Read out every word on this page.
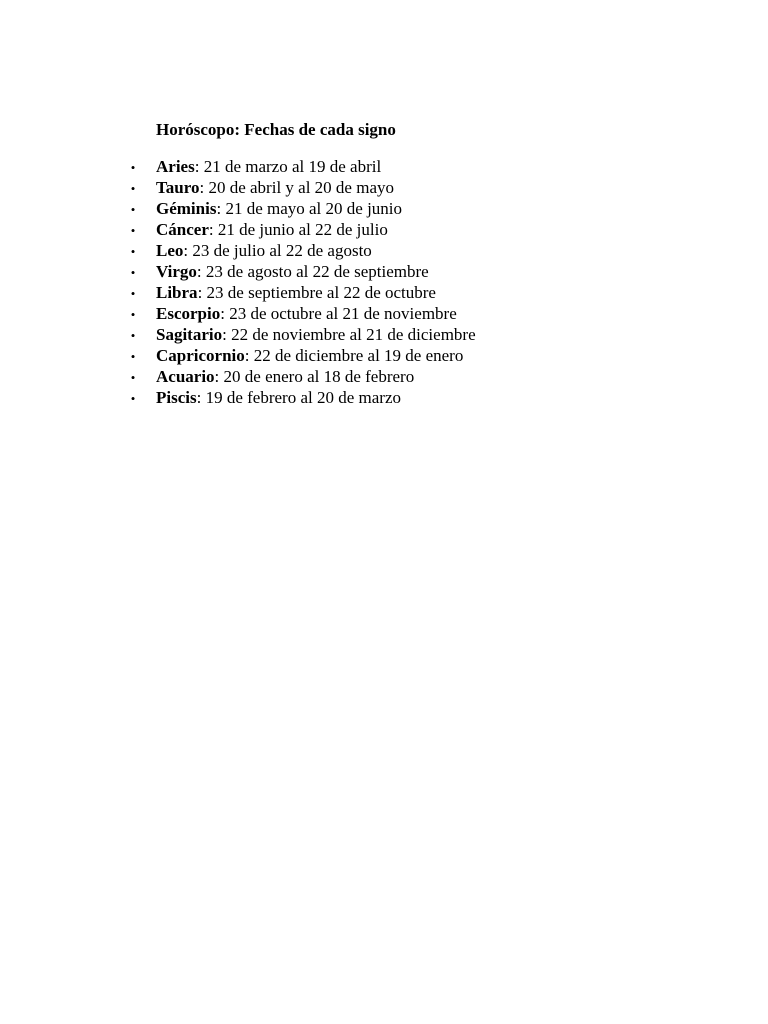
Horóscopo: Fechas de cada signo
• Aries: 21 de marzo al 19 de abril
• Tauro: 20 de abril y al 20 de mayo
• Géminis: 21 de mayo al 20 de junio
• Cáncer: 21 de junio al 22 de julio
• Leo: 23 de julio al 22 de agosto
• Virgo: 23 de agosto al 22 de septiembre
• Libra: 23 de septiembre al 22 de octubre
• Escorpio: 23 de octubre al 21 de noviembre
• Sagitario: 22 de noviembre al 21 de diciembre
• Capricornio: 22 de diciembre al 19 de enero
• Acuario: 20 de enero al 18 de febrero
• Piscis: 19 de febrero al 20 de marzo
